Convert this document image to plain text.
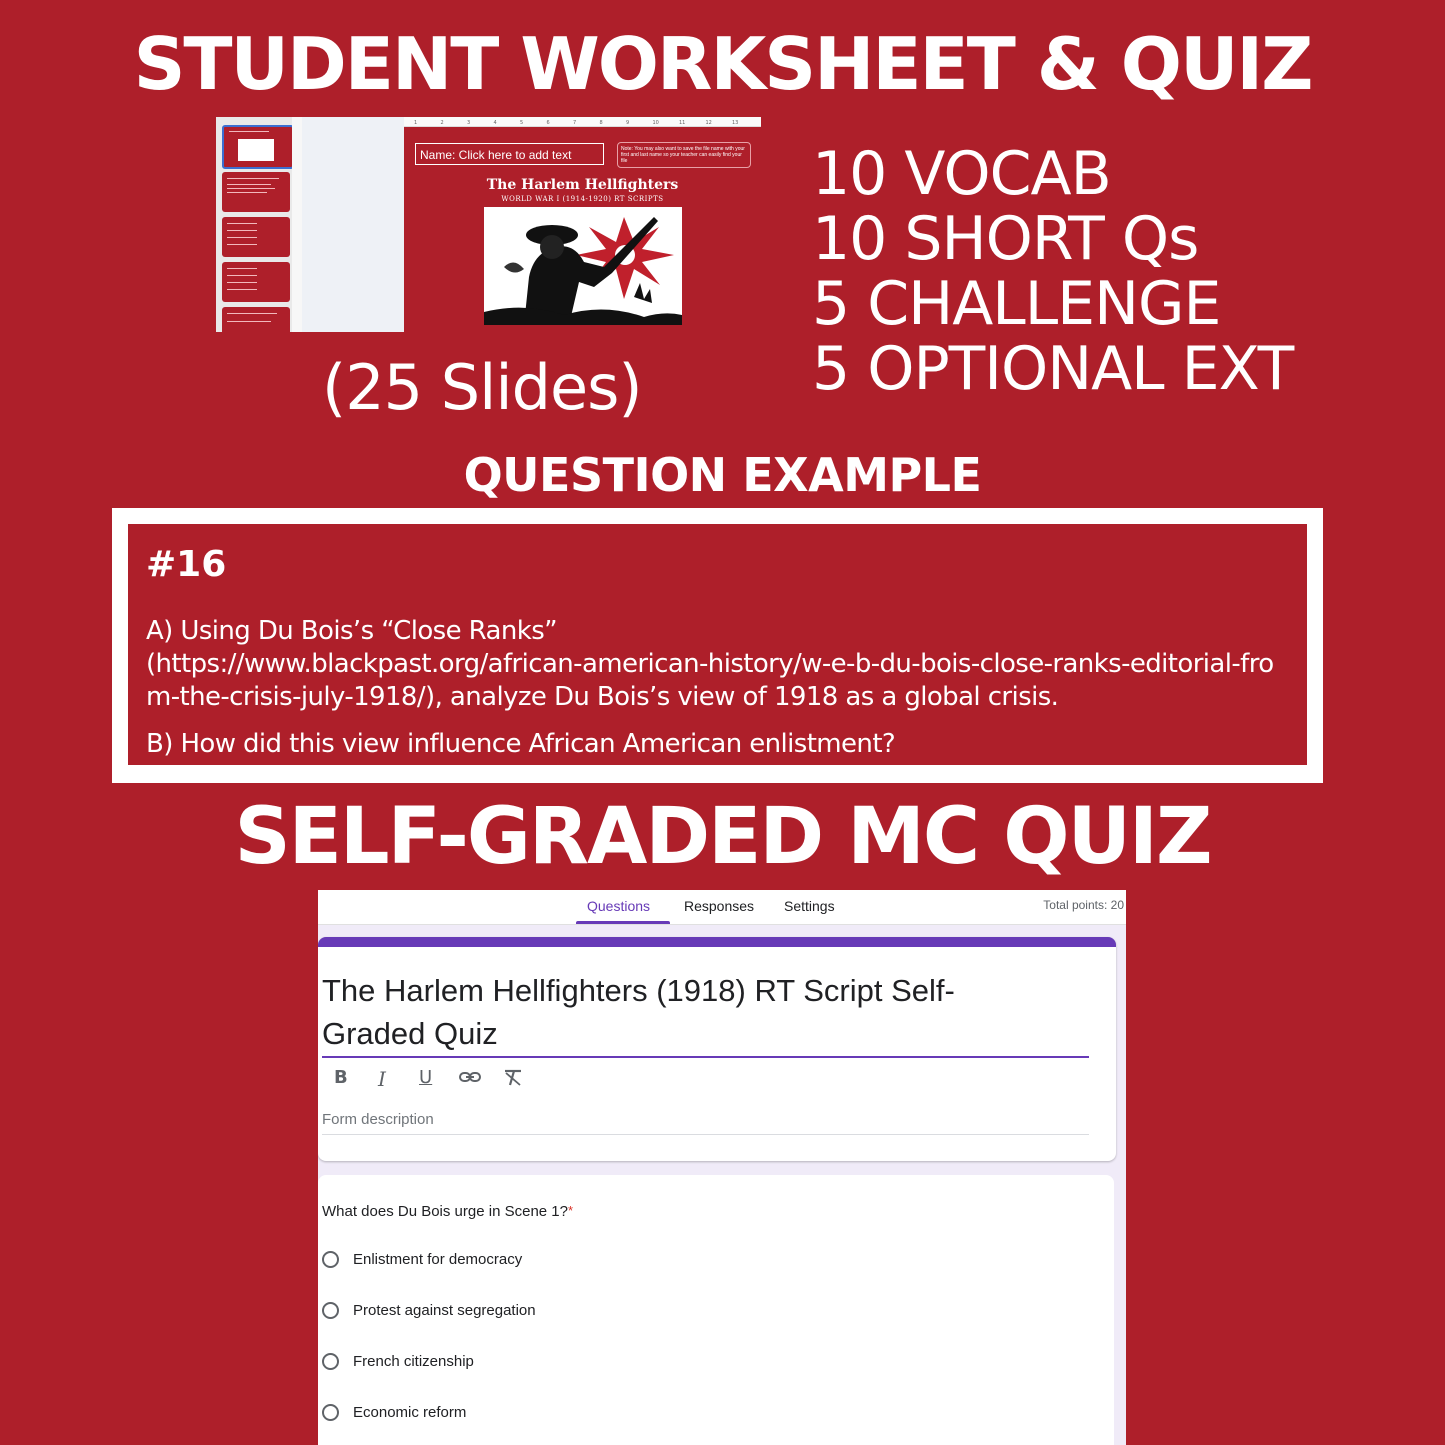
STUDENT WORKSHEET & QUIZ
1	2	3	4	5	6	7	8	9	10	11	12	13
Name: Click here to add text	Note: You may also want to save the file name with your first and last name so your teacher can easily find your file
The Harlem Hellfighters
WORLD WAR I (1914-1920) RT SCRIPTS	10 VOCAB
10 SHORT Qs
5 CHALLENGE
5 OPTIONAL EXT
(25 Slides)
QUESTION EXAMPLE
#16
A) Using Du Bois’s “Close Ranks”
(https://www.blackpast.org/african-american-history/w-e-b-du-bois-close-ranks-editorial-fro
m-the-crisis-july-1918/), analyze Du Bois’s view of 1918 as a global crisis.
B) How did this view influence African American enlistment?
SELF-GRADED MC QUIZ
Questions Responses Settings	Total points: 20
The Harlem Hellfighters (1918) RT Script Self-Graded Quiz
B I U
Form description
What does Du Bois urge in Scene 1?*
Enlistment for democracy
Protest against segregation
French citizenship
Economic reform
